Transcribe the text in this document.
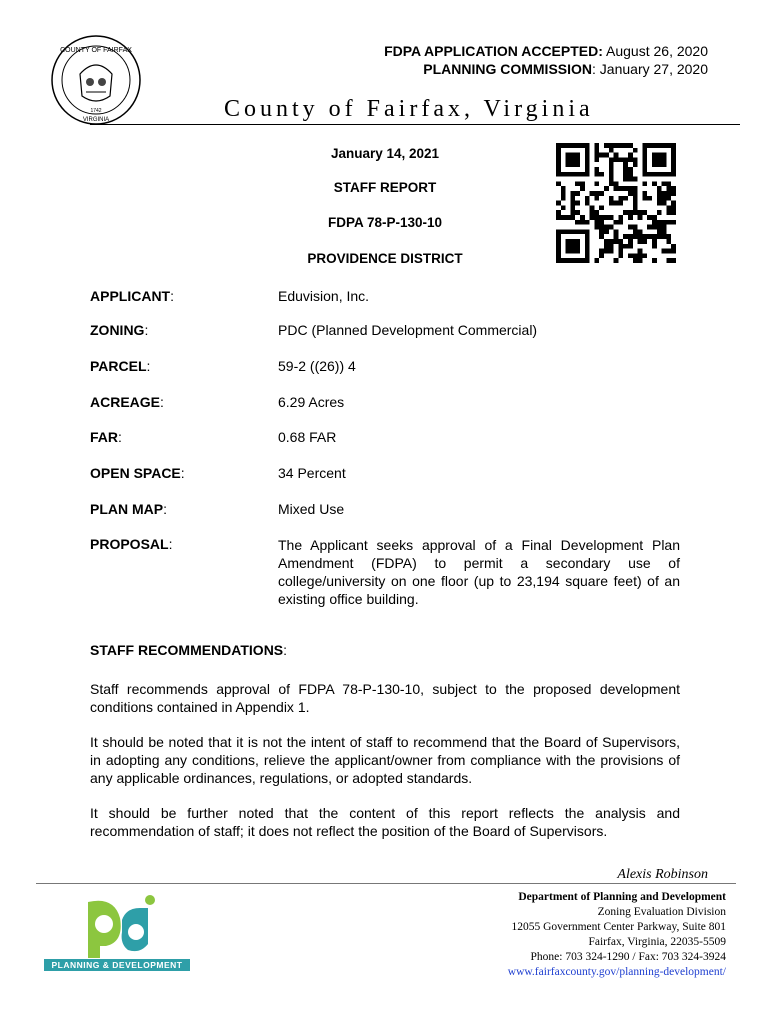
COUNTY OF FAIRFAX
1742
VIRGINIA
FDPA APPLICATION ACCEPTED: August 26, 2020
PLANNING COMMISSION: January 27, 2020
County of Fairfax, Virginia
January 14, 2021
STAFF REPORT
FDPA 78-P-130-10
PROVIDENCE DISTRICT
APPLICANT:	Eduvision, Inc.
ZONING:	PDC (Planned Development Commercial)
PARCEL:	59-2 ((26)) 4
ACREAGE:	6.29 Acres
FAR:	0.68 FAR
OPEN SPACE:	34 Percent
PLAN MAP:	Mixed Use
PROPOSAL:	The Applicant seeks approval of a Final Development Plan Amendment (FDPA) to permit a secondary use of college/university on one floor (up to 23,194 square feet) of an existing office building.
STAFF RECOMMENDATIONS:
Staff recommends approval of FDPA 78-P-130-10, subject to the proposed development conditions contained in Appendix 1.
It should be noted that it is not the intent of staff to recommend that the Board of Supervisors, in adopting any conditions, relieve the applicant/owner from compliance with the provisions of any applicable ordinances, regulations, or adopted standards.
It should be further noted that the content of this report reflects the analysis and recommendation of staff; it does not reflect the position of the Board of Supervisors.
Alexis Robinson
PLANNING & DEVELOPMENT
Department of Planning and Development
Zoning Evaluation Division
12055 Government Center Parkway, Suite 801
Fairfax, Virginia, 22035-5509
Phone: 703 324-1290 / Fax: 703 324-3924
www.fairfaxcounty.gov/planning-development/
